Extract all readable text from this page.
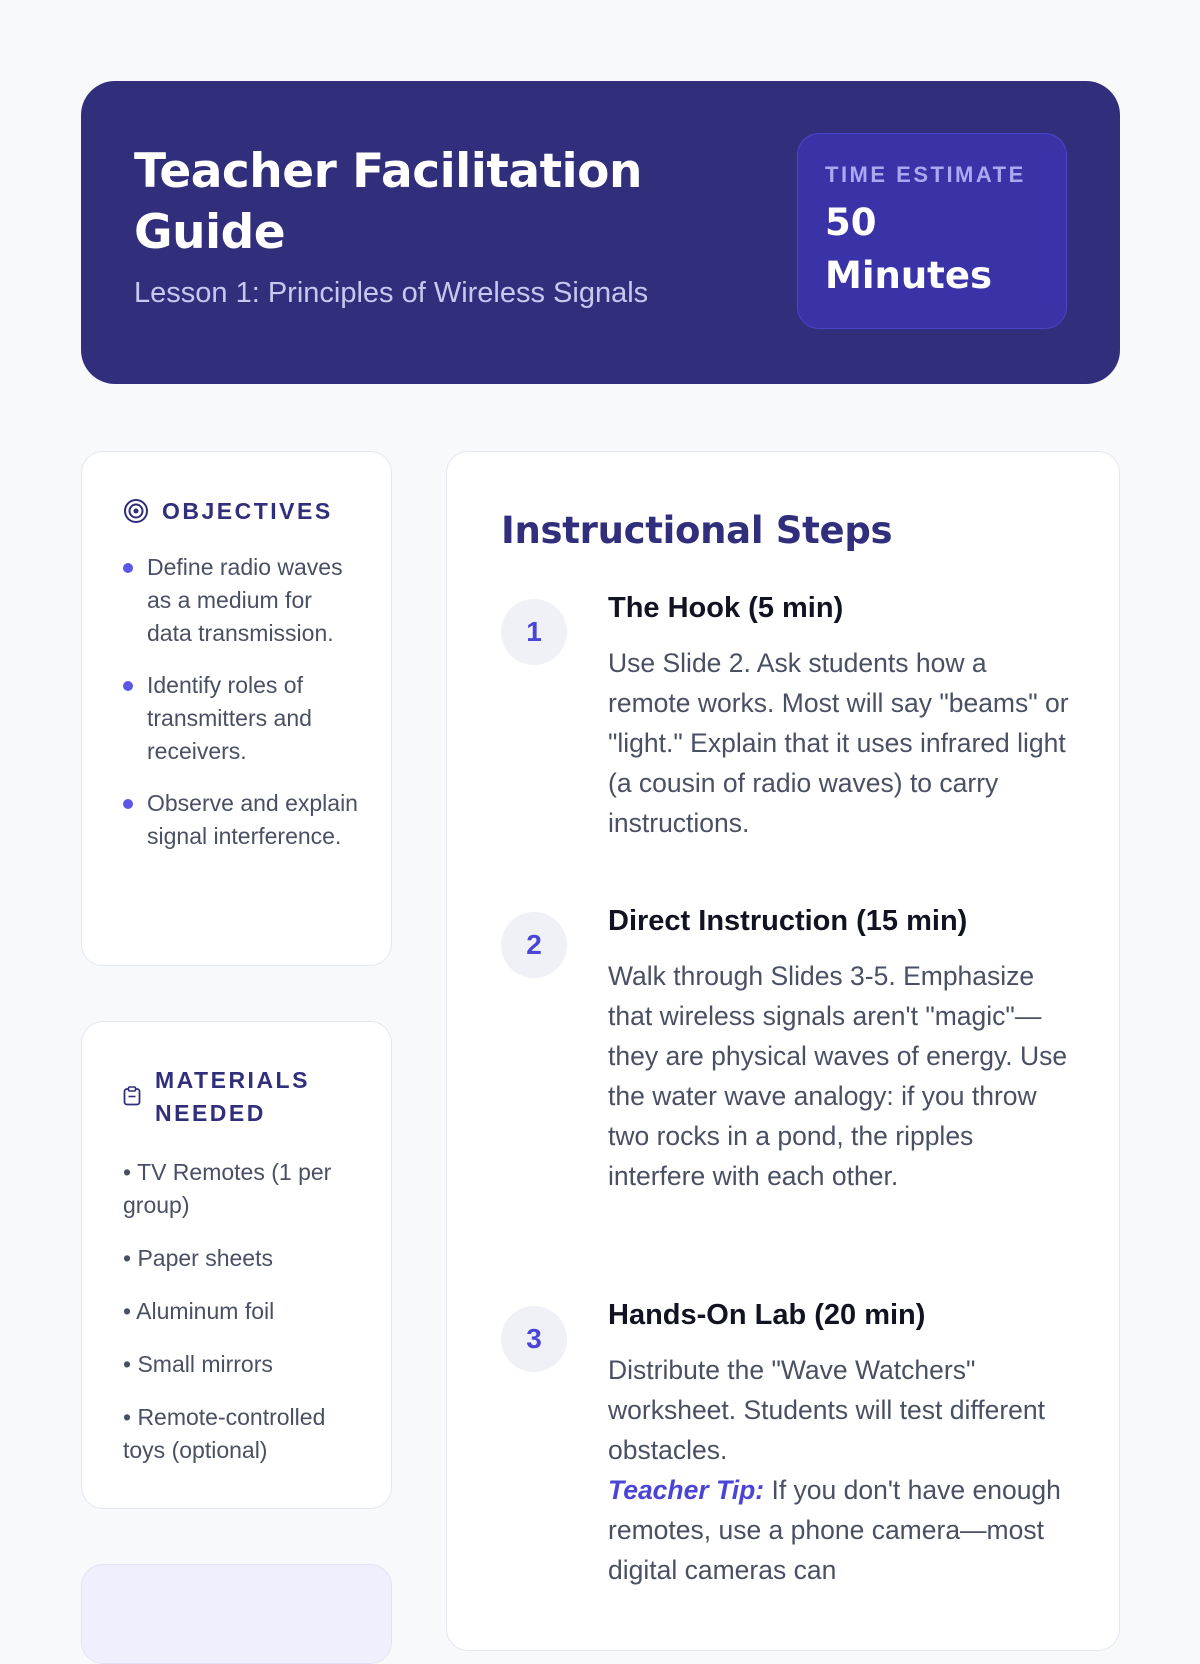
Teacher Facilitation Guide

Lesson 1: Principles of Wireless Signals

TIME ESTIMATE
50 Minutes
OBJECTIVES
Define radio waves as a medium for data transmission.
Identify roles of transmitters and receivers.
Observe and explain signal interference.
MATERIALS NEEDED
• TV Remotes (1 per group)
• Paper sheets
• Aluminum foil
• Small mirrors
• Remote-controlled toys (optional)
Instructional Steps
1
The Hook (5 min)

Use Slide 2. Ask students how a remote works. Most will say "beams" or "light." Explain that it uses infrared light (a cousin of radio waves) to carry instructions.

2
Direct Instruction (15 min)

Walk through Slides 3-5. Emphasize that wireless signals aren't "magic"—they are physical waves of energy. Use the water wave analogy: if you throw two rocks in a pond, the ripples interfere with each other.

3
Hands-On Lab (20 min)
Distribute the "Wave Watchers" worksheet. Students will test different obstacles.
Teacher Tip: If you don't have enough remotes, use a phone camera—most digital cameras can
